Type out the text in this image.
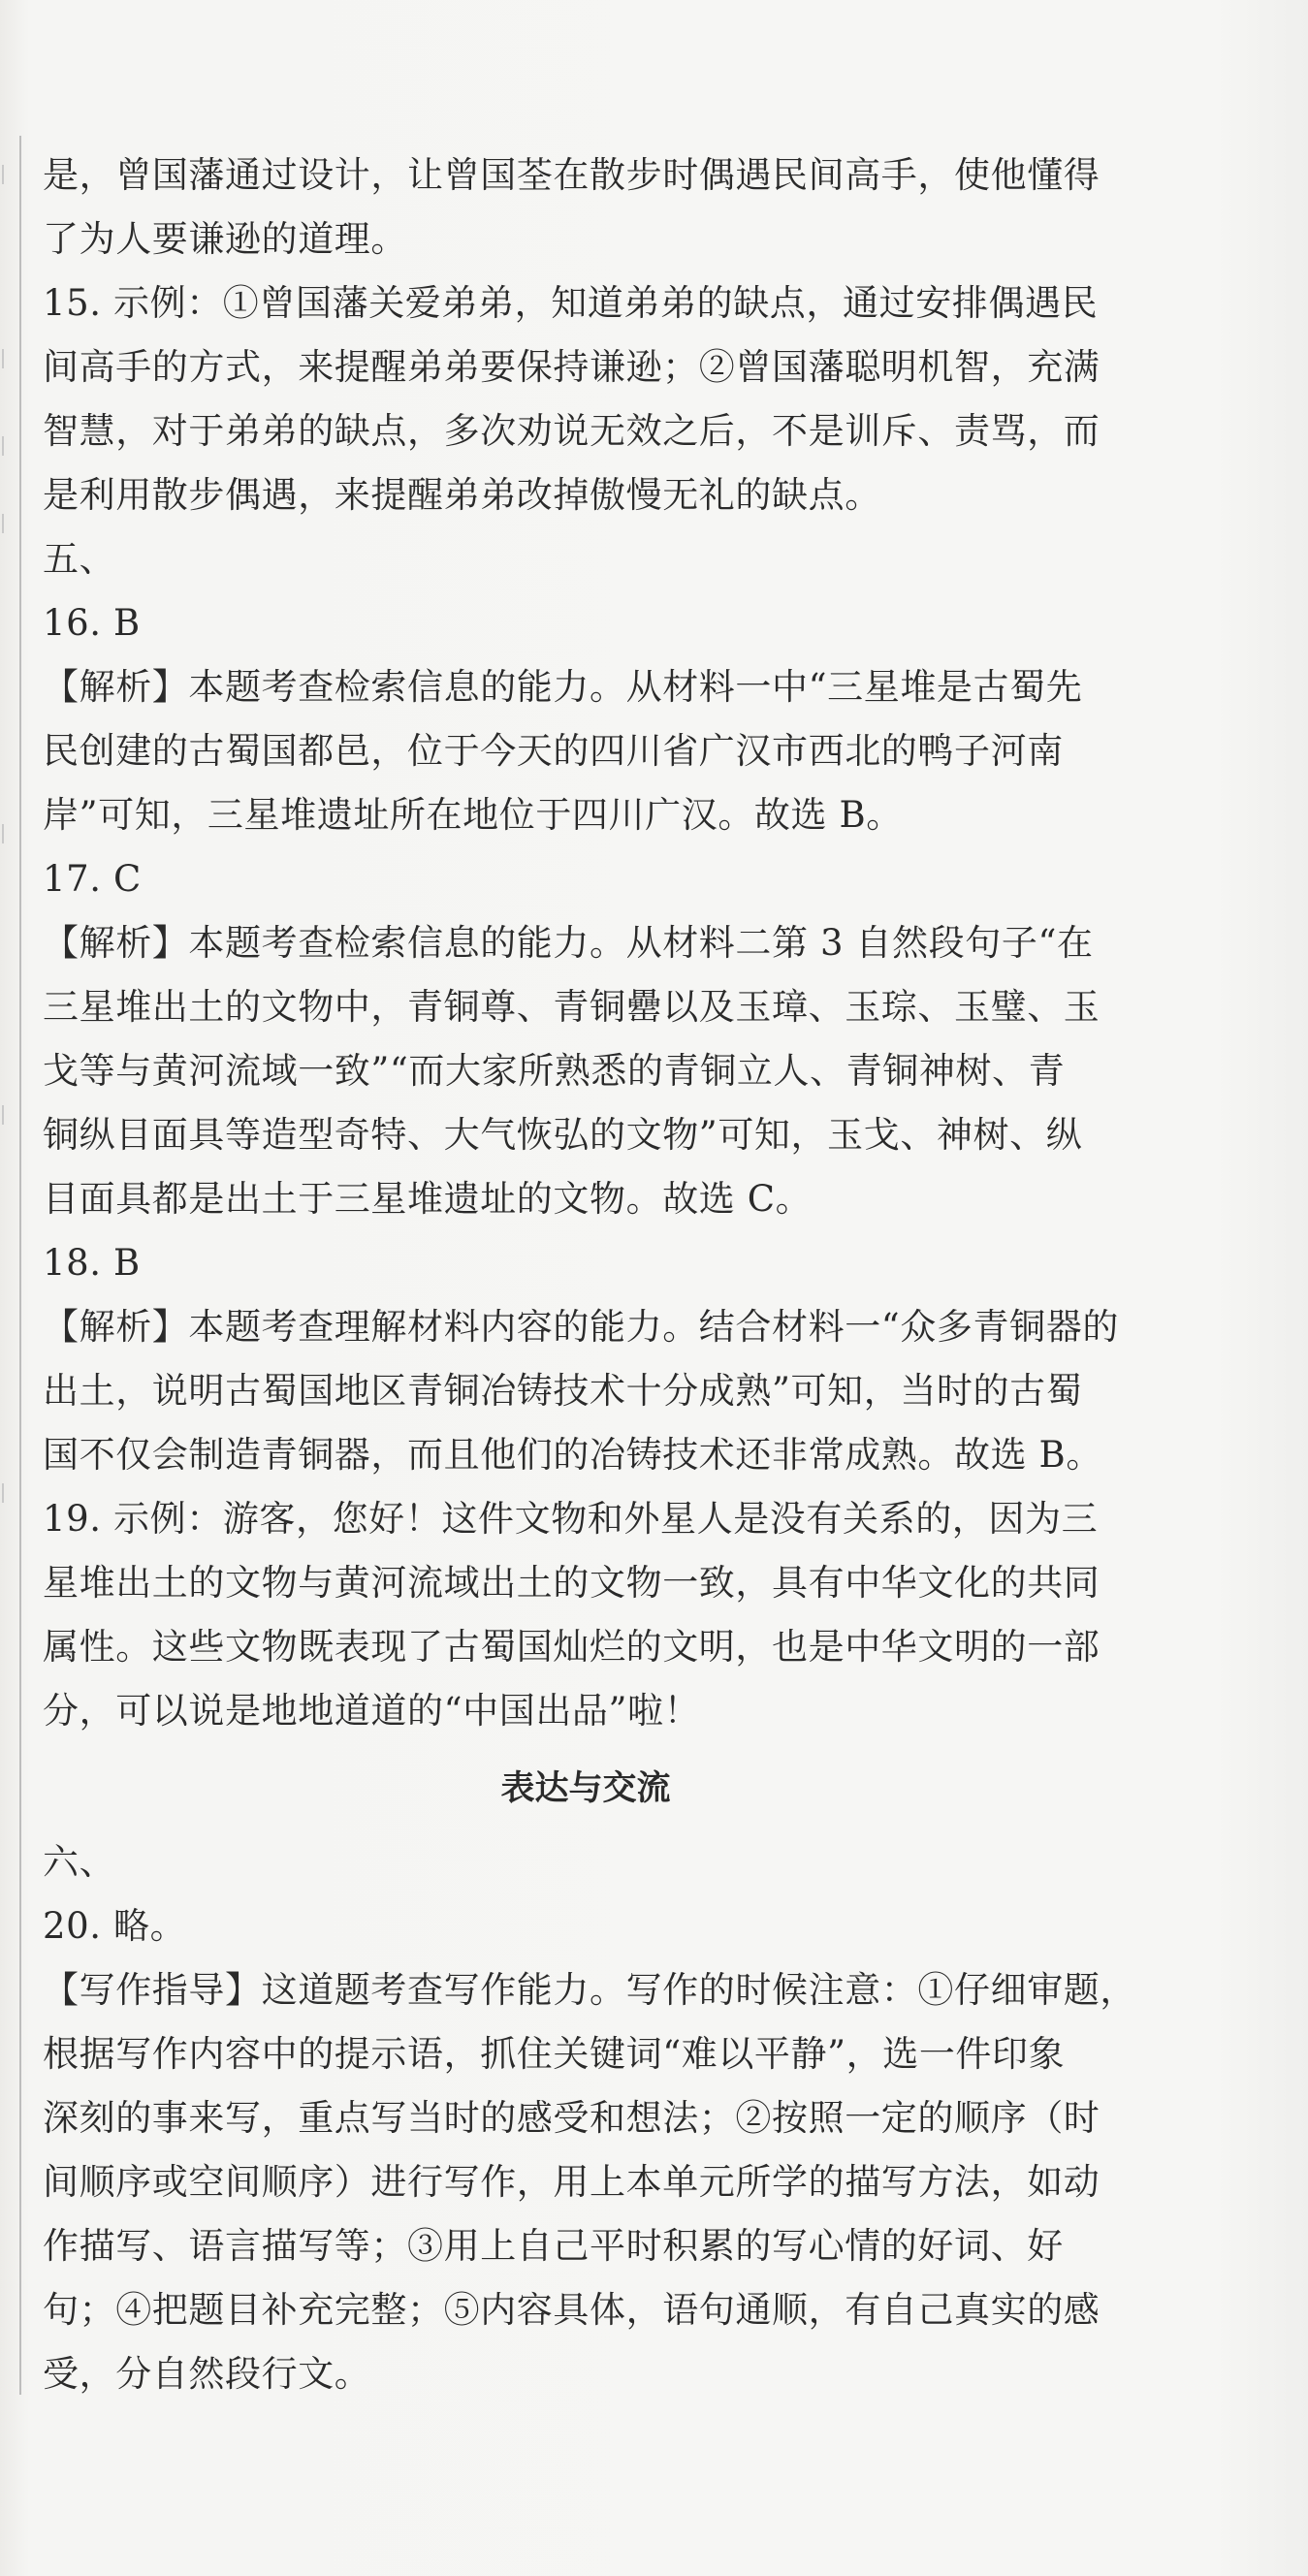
是，曾国藩通过设计，让曾国荃在散步时偶遇民间高手，使他懂得
了为人要谦逊的道理。
15. 示例：①曾国藩关爱弟弟，知道弟弟的缺点，通过安排偶遇民
间高手的方式，来提醒弟弟要保持谦逊；②曾国藩聪明机智，充满
智慧，对于弟弟的缺点，多次劝说无效之后，不是训斥、责骂，而
是利用散步偶遇，来提醒弟弟改掉傲慢无礼的缺点。
五、
16. B
【解析】本题考查检索信息的能力。从材料一中“三星堆是古蜀先
民创建的古蜀国都邑，位于今天的四川省广汉市西北的鸭子河南
岸”可知，三星堆遗址所在地位于四川广汉。故选 B。
17. C
【解析】本题考查检索信息的能力。从材料二第 3 自然段句子“在
三星堆出土的文物中，青铜尊、青铜罍以及玉璋、玉琮、玉璧、玉
戈等与黄河流域一致”“而大家所熟悉的青铜立人、青铜神树、青
铜纵目面具等造型奇特、大气恢弘的文物”可知，玉戈、神树、纵
目面具都是出土于三星堆遗址的文物。故选 C。
18. B
【解析】本题考查理解材料内容的能力。结合材料一“众多青铜器的
出土，说明古蜀国地区青铜冶铸技术十分成熟”可知，当时的古蜀
国不仅会制造青铜器，而且他们的冶铸技术还非常成熟。故选 B。
19. 示例：游客，您好！这件文物和外星人是没有关系的，因为三
星堆出土的文物与黄河流域出土的文物一致，具有中华文化的共同
属性。这些文物既表现了古蜀国灿烂的文明，也是中华文明的一部
分，可以说是地地道道的“中国出品”啦！
表达与交流
六、
20. 略。
【写作指导】这道题考查写作能力。写作的时候注意：①仔细审题，
根据写作内容中的提示语，抓住关键词“难以平静”，选一件印象
深刻的事来写，重点写当时的感受和想法；②按照一定的顺序（时
间顺序或空间顺序）进行写作，用上本单元所学的描写方法，如动
作描写、语言描写等；③用上自己平时积累的写心情的好词、好
句；④把题目补充完整；⑤内容具体，语句通顺，有自己真实的感
受，分自然段行文。
